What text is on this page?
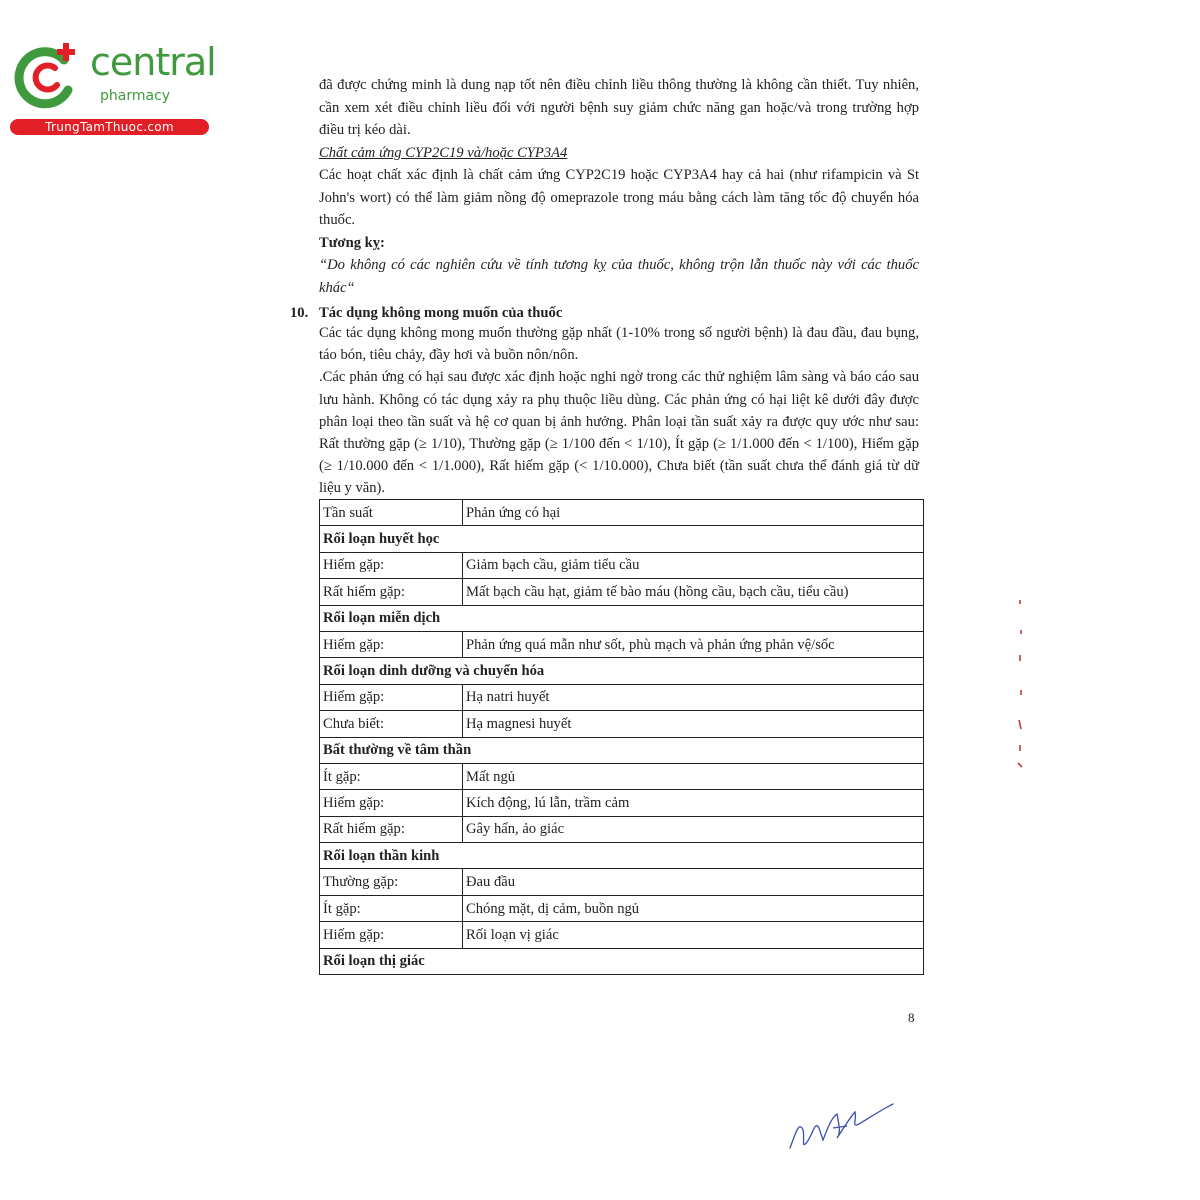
central
pharmacy
TrungTamThuoc.com

đã được chứng minh là dung nạp tốt nên điều chỉnh liều thông thường là không cần thiết. Tuy nhiên, cần xem xét điều chỉnh liều đối với người bệnh suy giảm chức năng gan hoặc/và trong trường hợp điều trị kéo dài.

Chất cảm ứng CYP2C19 và/hoặc CYP3A4

Các hoạt chất xác định là chất cảm ứng CYP2C19 hoặc CYP3A4 hay cả hai (như rifampicin và St John's wort) có thể làm giảm nồng độ omeprazole trong máu bằng cách làm tăng tốc độ chuyển hóa thuốc.

Tương kỵ:

“Do không có các nghiên cứu về tính tương kỵ của thuốc, không trộn lẫn thuốc này với các thuốc khác“

10. Tác dụng không mong muốn của thuốc

Các tác dụng không mong muốn thường gặp nhất (1-10% trong số người bệnh) là đau đầu, đau bụng, táo bón, tiêu chảy, đầy hơi và buồn nôn/nôn.

.Các phản ứng có hại sau được xác định hoặc nghi ngờ trong các thử nghiệm lâm sàng và báo cáo sau lưu hành. Không có tác dụng xảy ra phụ thuộc liều dùng. Các phản ứng có hại liệt kê dưới đây được phân loại theo tần suất và hệ cơ quan bị ảnh hưởng. Phân loại tần suất xảy ra được quy ước như sau: Rất thường gặp (≥ 1/10), Thường gặp (≥ 1/100 đến < 1/10), Ít gặp (≥ 1/1.000 đến < 1/100), Hiếm gặp (≥ 1/10.000 đến < 1/1.000), Rất hiếm gặp (< 1/10.000), Chưa biết (tần suất chưa thể đánh giá từ dữ liệu y văn).

Tần suất	Phản ứng có hại
Rối loạn huyết học	
Hiếm gặp:	Giảm bạch cầu, giảm tiểu cầu
Rất hiếm gặp:	Mất bạch cầu hạt, giảm tế bào máu (hồng cầu, bạch cầu, tiểu cầu)
Rối loạn miễn dịch	
Hiếm gặp:	Phản ứng quá mẫn như sốt, phù mạch và phản ứng phản vệ/sốc
Rối loạn dinh dưỡng và chuyển hóa	
Hiếm gặp:	Hạ natri huyết
Chưa biết:	Hạ magnesi huyết
Bất thường về tâm thần	
Ít gặp:	Mất ngủ
Hiếm gặp:	Kích động, lú lẫn, trầm cảm
Rất hiếm gặp:	Gây hấn, ảo giác
Rối loạn thần kinh	
Thường gặp:	Đau đầu
Ít gặp:	Chóng mặt, dị cảm, buồn ngủ
Hiếm gặp:	Rối loạn vị giác
Rối loạn thị giác	
8
